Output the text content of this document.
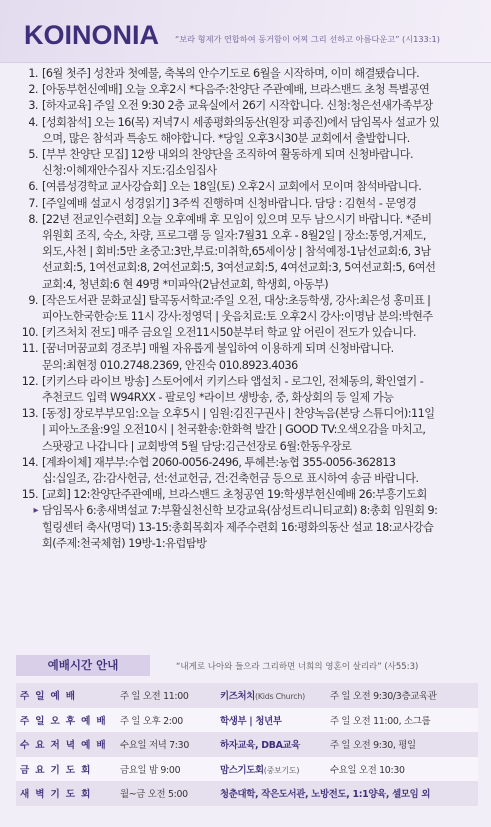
KOINONIA “보라 형제가 연합하여 동거함이 어찌 그리 선하고 아름다운고” (시133:1)
1. [6월 첫주] 성찬과 첫예물, 축복의 안수기도로 6월을 시작하며, 이미 해결됐습니다.
2. [아동부헌신예배] 오늘 오후2시 *다음주:찬양단 주관예배, 브라스밴드 초청 특별공연
3. [하자교육] 주일 오전 9:30 2층 교육실에서 26기 시작합니다. 신청:청은선새가족부장
4. [성회참석] 오는 16(목) 저녁7시 세종평화의동산(원장 피종진)에서 담임목사 설교가 있
으며, 많은 참석과 특송도 해야합니다. *당일 오후3시30분 교회에서 출발합니다.
5. [부부 찬양단 모집] 12쌍 내외의 찬양단을 조직하여 활동하게 되며 신청바랍니다.
신청:이혜재안수집사 지도:김소임집사
6. [여름성경학교 교사강습회] 오는 18일(토) 오후2시 교회에서 모이며 참석바랍니다.
7. [주일예배 설교시 성경읽기] 3주씩 진행하며 신청바랍니다. 담당 : 김현석 - 문영경
8. [22년 전교인수련회] 오늘 오후예배 후 모임이 있으며 모두 남으시기 바랍니다. *준비
위원회 조직, 숙소, 차량, 프로그램 등 일자:7월31 오후 - 8월2일 | 장소:통영,거제도,
외도,사천 | 회비:5만 초중고:3만,부료:미취학,65세이상 | 참석예정-1남선교회:6, 3남
선교회:5, 1여선교회:8, 2여선교회:5, 3여선교회:5, 4여선교회:3, 5여선교회:5, 6여선
교회:4, 청년회:6 현 49명 *미파악(2남선교회, 학생회, 아동부)
9. [작은도서관 문화교실] 탈곡동서학교:주일 오전, 대상:초등학생, 강사:최은성 홍미표 |
피아노한국한승:토 11시 강사:정영덕 | 웃음치료:토 오후2시 강사:이명남 분의:박현주
10. [키즈처치 전도] 매주 금요일 오전11시50분부터 학교 앞 어린이 전도가 있습니다.
11. [꿈너머꿈교회 경조부] 매월 자유롭게 불입하여 이용하게 되며 신청바랍니다.
문의:최현정 010.2748.2369, 안진숙 010.8923.4036
12. [키키스타 라이브 방송] 스토어에서 키키스타 앱설치 - 로그인, 전체동의, 확인열기 -
추천코드 입력 W94RXX - 팔로잉 *라이브 생방송, 중, 화상회의 등 일제 가능
13. [동정] 장로부부모임:오늘 오후5시 | 임원:김진구권사 | 찬양녹음(본당 스튜디어):11일
| 피아노조율:9일 오전10시 | 천국환송:한화혁 발간 | GOOD TV:오색오감을 마치고,
스팟광고 나갑니다 | 교회방역 5월 담당:김근선장로 6월:한동우장로
14. [계좌이체] 재부부:수협 2060-0056-2496, 투헤븐:농협 355-0056-362813
십:십일조, 감:감사헌금, 선:선교헌금, 건:건축헌금 등으로 표시하여 송금 바랍니다.
15. [교회] 12:찬양단주관예배, 브라스밴드 초청공연 19:학생부헌신예배 26:부흥기도회
▸ 담임목사 6:총새벽설교 7:부활실천신학 보강교육(삼성트리니티교회) 8:총회 임원회 9:
힐링센터 축사(명덕) 13-15:총회목회자 제주수련회 16:평화의동산 설교 18:교사강습
회(주제:천국체험) 19방-1:유럽탐방
예배시간 안내	“내게로 나아와 들으라 그리하면 너희의 영혼이 살리라” (사55:3)
주일예배	주 일 오전 11:00	키즈처치(Kids Church)	주 일 오전 9:30/3층교육관
주일오후예배 주 일 오후 2:00	학생부 | 청년부	주 일 오전 11:00, 소그룹
수요저녁예배 수요일 저녁 7:30	하자교육, DBA교육	주 일 오전 9:30, 평일
금요기도회	금요일 밤 9:00	맘스기도회(중보기도)	수요일 오전 10:30
새벽기도회	월~금 오전 5:00	청춘대학, 작은도서관, 노방전도, 1:1양육, 셀모임 외
